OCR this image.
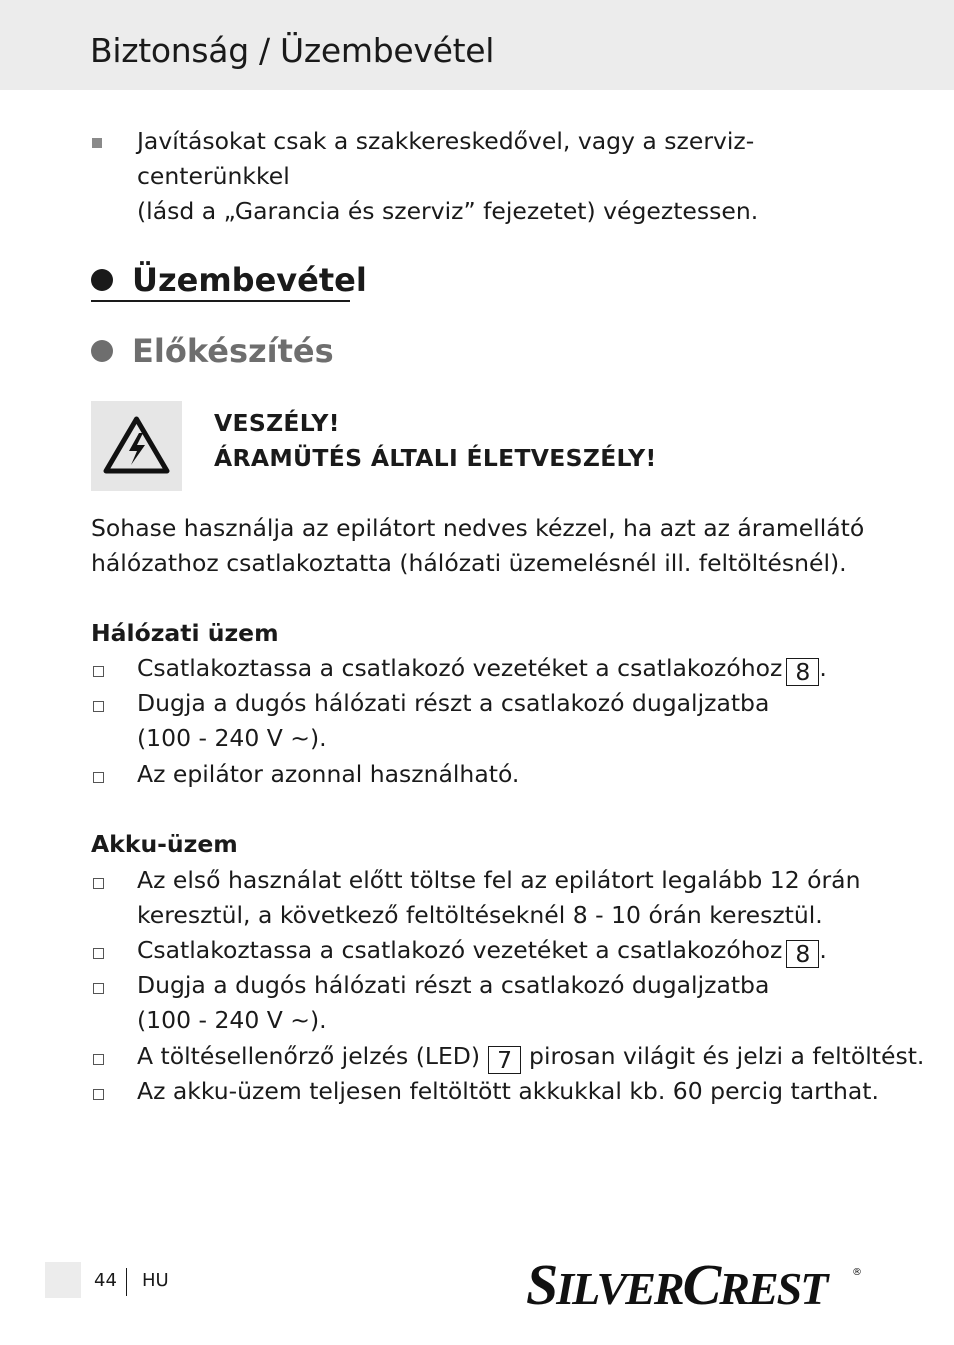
Biztonság / Üzembevétel
Javításokat csak a szakkereskedővel, vagy a szerviz-centerünkkel
(lásd a „Garancia és szerviz” fejezetet) végeztessen.
Üzembevétel
Előkészítés
VESZÉLY!
ÁRAMÜTÉS ÁLTALI ÉLETVESZÉLY!
Sohase használja az epilátort nedves kézzel, ha azt az áramellátó
hálózathoz csatlakoztatta (hálózati üzemelésnél ill. feltöltésnél).
Hálózati üzem
Csatlakoztassa a csatlakozó vezetéket a csatlakozóhoz 8 .
Dugja a dugós hálózati részt a csatlakozó dugaljzatba
(100 - 240 V ~).
Az epilátor azonnal használható.
Akku-üzem
Az első használat előtt töltse fel az epilátort legalább 12 órán
keresztül, a következő feltöltéseknél 8 - 10 órán keresztül.
Csatlakoztassa a csatlakozó vezetéket a csatlakozóhoz 8 .
Dugja a dugós hálózati részt a csatlakozó dugaljzatba
(100 - 240 V ~).
A töltésellenőrző jelzés (LED) 7 pirosan világit és jelzi a feltöltést.
Az akku-üzem teljesen feltöltött akkukkal kb. 60 percig tarthat.
44 HU	SILVERCREST	®
